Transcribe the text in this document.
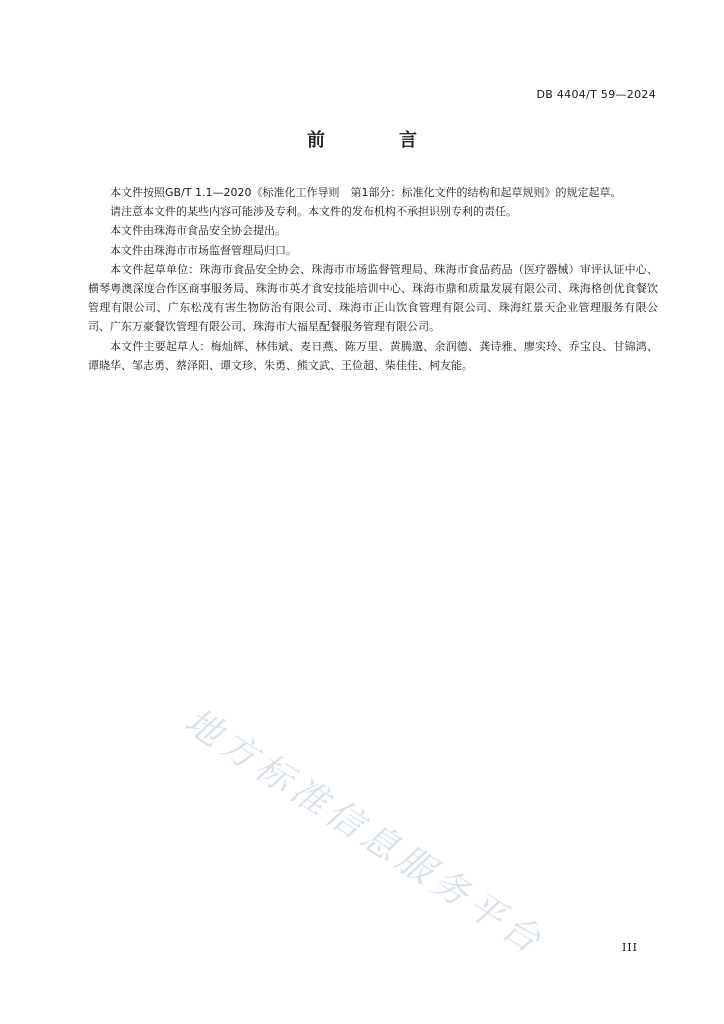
DB 4404/T 59—2024
前　言

本文件按照GB/T 1.1—2020《标准化工作导则　第1部分：标准化文件的结构和起草规则》的规定起草。

请注意本文件的某些内容可能涉及专利。本文件的发布机构不承担识别专利的责任。

本文件由珠海市食品安全协会提出。

本文件由珠海市市场监督管理局归口。

本文件起草单位：珠海市食品安全协会、珠海市市场监督管理局、珠海市食品药品（医疗器械）审评认证中心、横琴粤澳深度合作区商事服务局、珠海市英才食安技能培训中心、珠海市鼎和质量发展有限公司、珠海格创优食餐饮管理有限公司、广东松茂有害生物防治有限公司、珠海市正山饮食管理有限公司、珠海红景天企业管理服务有限公司、广东万豪餐饮管理有限公司、珠海市大福星配餐服务管理有限公司。

本文件主要起草人：梅灿辉、林伟斌、麦日燕、陈万里、黄腾邈、余润德、龚诗雅、廖实玲、乔宝良、甘锦鸿、谭晓华、邹志勇、蔡泽阳、谭文珍、朱勇、熊文武、王俭超、柴佳佳、柯友能。

地方标准信息服务平台	III
